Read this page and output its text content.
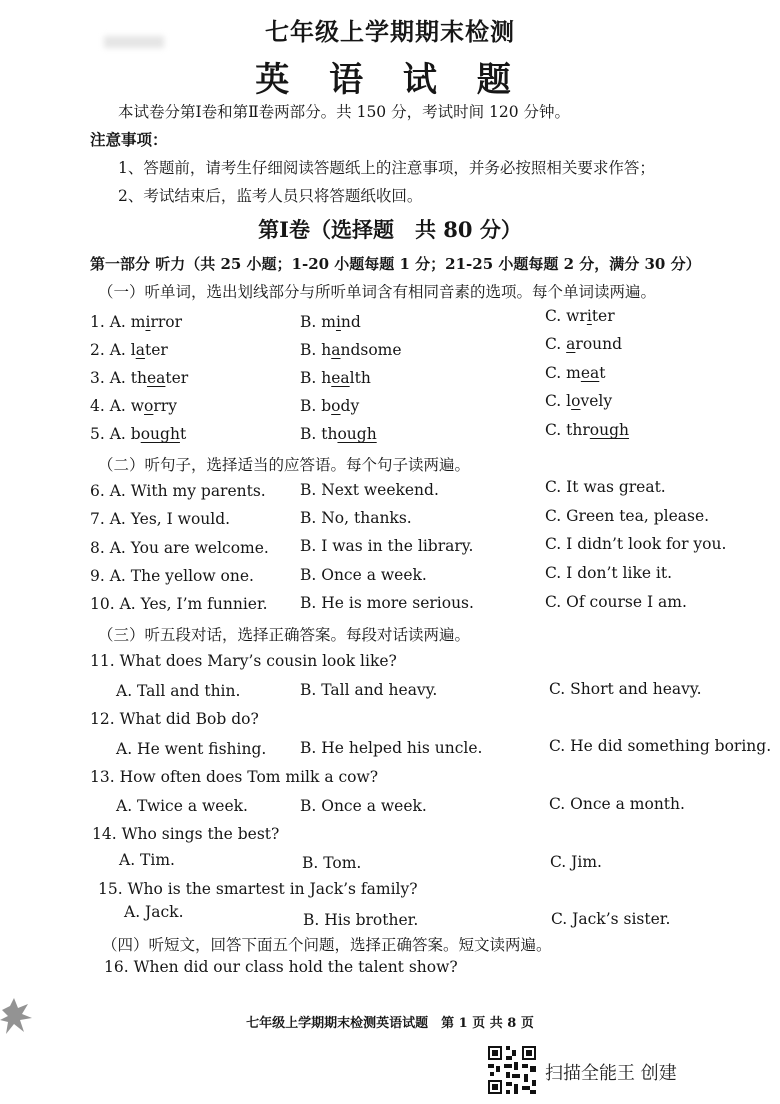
七年级上学期期末检测
英 语 试 题
本试卷分第Ⅰ卷和第Ⅱ卷两部分。共 150 分，考试时间 120 分钟。
注意事项：
1、答题前，请考生仔细阅读答题纸上的注意事项，并务必按照相关要求作答；
2、考试结束后，监考人员只将答题纸收回。
第Ⅰ卷（选择题　共 80 分）
第一部分 听力（共 25 小题；1-20 小题每题 1 分；21-25 小题每题 2 分，满分 30 分）
（一）听单词，选出划线部分与所听单词含有相同音素的选项。每个单词读两遍。
1. A. mirror	B. mind	C. writer
2. A. later	B. handsome	C. around
3. A. theater	B. health	C. meat
4. A. worry	B. body	C. lovely
5. A. bought	B. though	C. through
（二）听句子，选择适当的应答语。每个句子读两遍。
6. A. With my parents. B. Next weekend.	C. It was great.
7. A. Yes, I would.	B. No, thanks.	C. Green tea, please.
8. A. You are welcome. B. I was in the library.	C. I didn’t look for you.
9. A. The yellow one.	B. Once a week.	C. I don’t like it.
10. A. Yes, I’m funnier. B. He is more serious.	C. Of course I am.
（三）听五段对话，选择正确答案。每段对话读两遍。
11. What does Mary’s cousin look like?
A. Tall and thin.	B. Tall and heavy.	C. Short and heavy.
12. What did Bob do?
A. He went fishing. B. He helped his uncle.	C. He did something boring.
13. How often does Tom milk a cow?
A. Twice a week.	B. Once a week.	C. Once a month.
14. Who sings the best?
A. Tim.	B. Tom.	C. Jim.
15. Who is the smartest in Jack’s family?
A. Jack.	B. His brother.	C. Jack’s sister.
（四）听短文，回答下面五个问题，选择正确答案。短文读两遍。
16. When did our class hold the talent show?
七年级上学期期末检测英语试题　第 1 页 共 8 页
扫描全能王 创建
